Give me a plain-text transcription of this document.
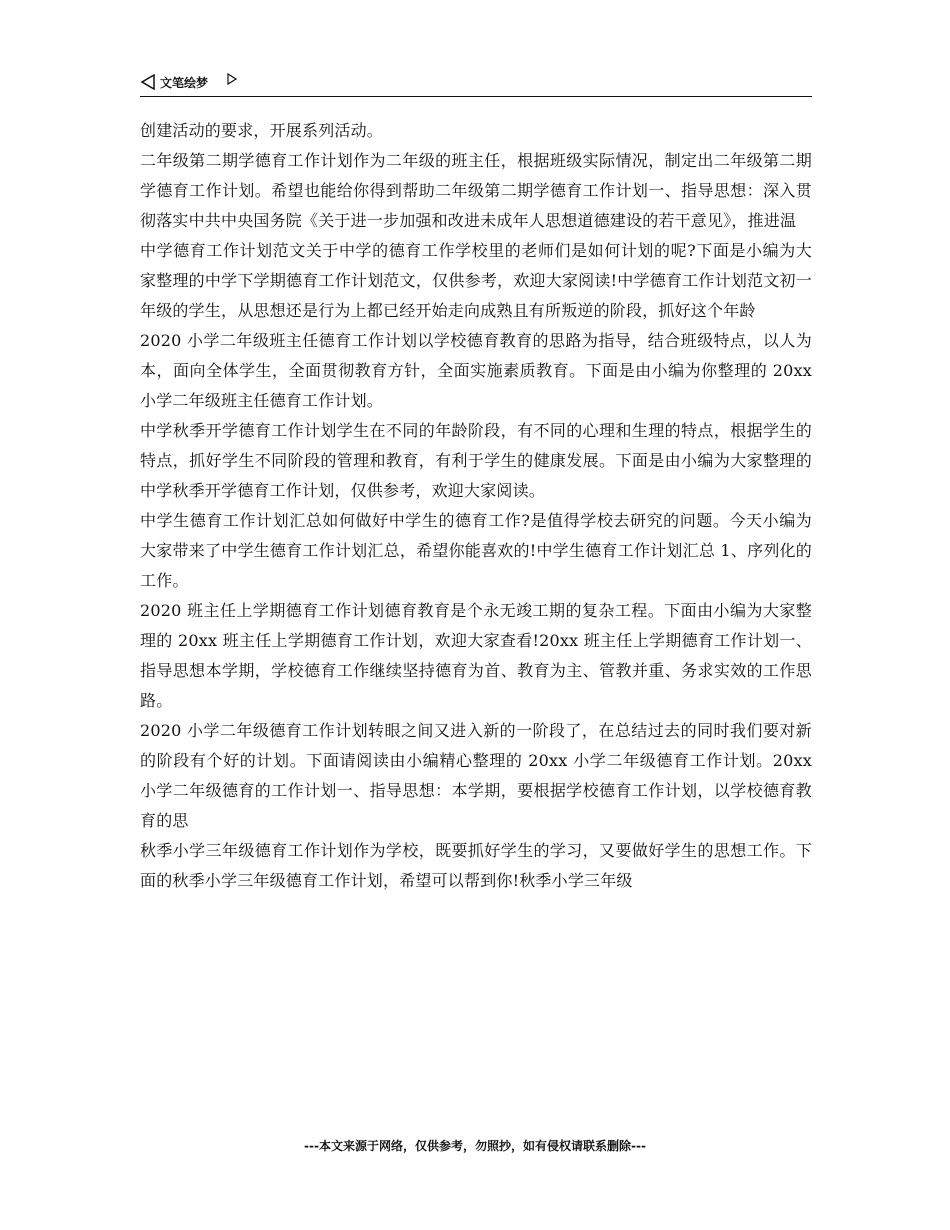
文笔绘梦

创建活动的要求，开展系列活动。

二年级第二期学德育工作计划作为二年级的班主任，根据班级实际情况，制定出二年级第二期学德育工作计划。希望也能给你得到帮助二年级第二期学德育工作计划一、指导思想：深入贯彻落实中共中央国务院《关于进一步加强和改进未成年人思想道德建设的若干意见》，推进温

中学德育工作计划范文关于中学的德育工作学校里的老师们是如何计划的呢?下面是小编为大家整理的中学下学期德育工作计划范文，仅供参考，欢迎大家阅读!中学德育工作计划范文初一年级的学生，从思想还是行为上都已经开始走向成熟且有所叛逆的阶段，抓好这个年龄

2020 小学二年级班主任德育工作计划以学校德育教育的思路为指导，结合班级特点，以人为本，面向全体学生，全面贯彻教育方针，全面实施素质教育。下面是由小编为你整理的 20xx 小学二年级班主任德育工作计划。

中学秋季开学德育工作计划学生在不同的年龄阶段，有不同的心理和生理的特点，根据学生的特点，抓好学生不同阶段的管理和教育，有利于学生的健康发展。下面是由小编为大家整理的中学秋季开学德育工作计划，仅供参考，欢迎大家阅读。

中学生德育工作计划汇总如何做好中学生的德育工作?是值得学校去研究的问题。今天小编为大家带来了中学生德育工作计划汇总，希望你能喜欢的!中学生德育工作计划汇总 1、序列化的工作。

2020 班主任上学期德育工作计划德育教育是个永无竣工期的复杂工程。下面由小编为大家整理的 20xx 班主任上学期德育工作计划，欢迎大家查看!20xx 班主任上学期德育工作计划一、指导思想本学期，学校德育工作继续坚持德育为首、教育为主、管教并重、务求实效的工作思路。

2020 小学二年级德育工作计划转眼之间又进入新的一阶段了，在总结过去的同时我们要对新的阶段有个好的计划。下面请阅读由小编精心整理的 20xx 小学二年级德育工作计划。20xx 小学二年级德育的工作计划一、指导思想：本学期，要根据学校德育工作计划，以学校德育教育的思

秋季小学三年级德育工作计划作为学校，既要抓好学生的学习，又要做好学生的思想工作。下面的秋季小学三年级德育工作计划，希望可以帮到你!秋季小学三年级

---本文来源于网络，仅供参考，勿照抄，如有侵权请联系删除---
